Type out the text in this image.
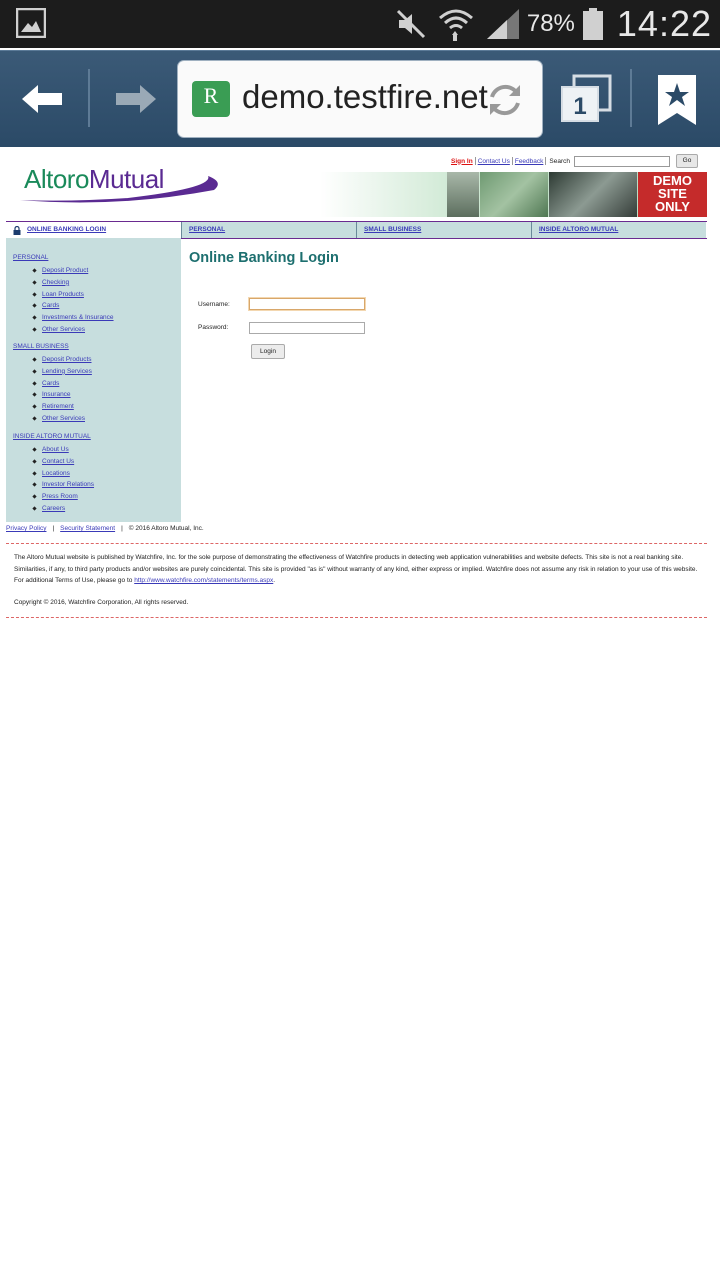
78% 14:22
R demo.testfire.net	1
Sign In Contact Us Feedback Search	Go
AltoroMutual	DEMO
SITE
ONLY
ONLINE BANKING LOGIN	PERSONAL	SMALL BUSINESS	INSIDE ALTORO MUTUAL
PERSONAL
Deposit Product
Checking
Loan Products
Cards
Investments & Insurance
Other Services
SMALL BUSINESS
Deposit Products
Lending Services
Cards
Insurance
Retirement
Other Services
INSIDE ALTORO MUTUAL
About Us
Contact Us
Locations
Investor Relations
Press Room
Careers
Online Banking Login
Username:
Password:
Login
Privacy Policy | Security Statement | © 2016 Altoro Mutual, Inc.
The Altoro Mutual website is published by Watchfire, Inc. for the sole purpose of demonstrating the effectiveness of Watchfire products in detecting web application vulnerabilities and website defects. This site is not a real banking site. Similarities, if any, to third party products and/or websites are purely coincidental. This site is provided "as is" without warranty of any kind, either express or implied. Watchfire does not assume any risk in relation to your use of this website. For additional Terms of Use, please go to http://www.watchfire.com/statements/terms.aspx.
Copyright © 2016, Watchfire Corporation, All rights reserved.
